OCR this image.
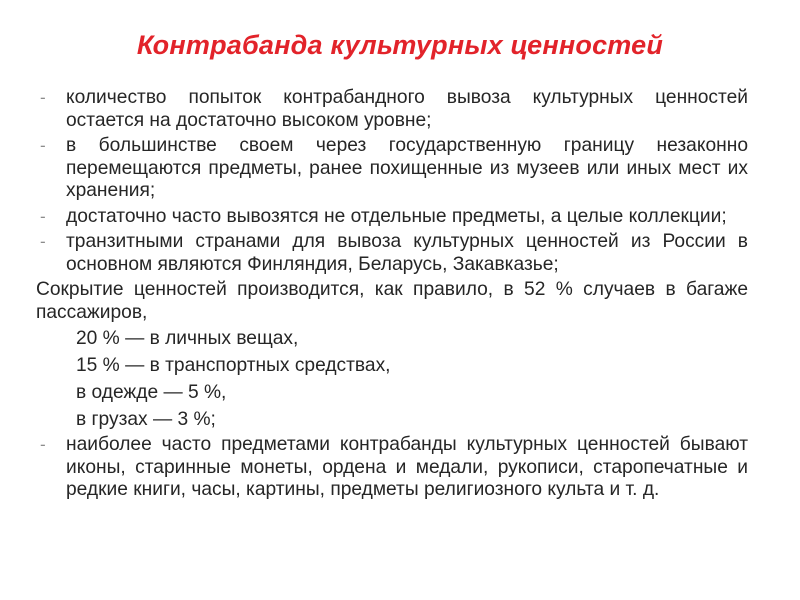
Контрабанда культурных ценностей
- количество попыток контрабандного вывоза культурных ценностей остается на достаточно высоком уровне;
- в большинстве своем через государственную границу незаконно перемещаются предметы, ранее похищенные из музеев или иных мест их хранения;
- достаточно часто вывозятся не отдельные предметы, а целые коллекции;
- транзитными странами для вывоза культурных ценностей из России в основном являются Финляндия, Беларусь, Закавказье;
Сокрытие ценностей производится, как правило, в 52 % случаев в багаже пассажиров,
20 % — в личных вещах,
15 % — в транспортных средствах,
в одежде — 5 %,
в грузах — 3 %;
- наиболее часто предметами контрабанды культурных ценностей бывают иконы, старинные монеты, ордена и медали, рукописи, старопечатные и редкие книги, часы, картины, предметы религиозного культа и т. д.
